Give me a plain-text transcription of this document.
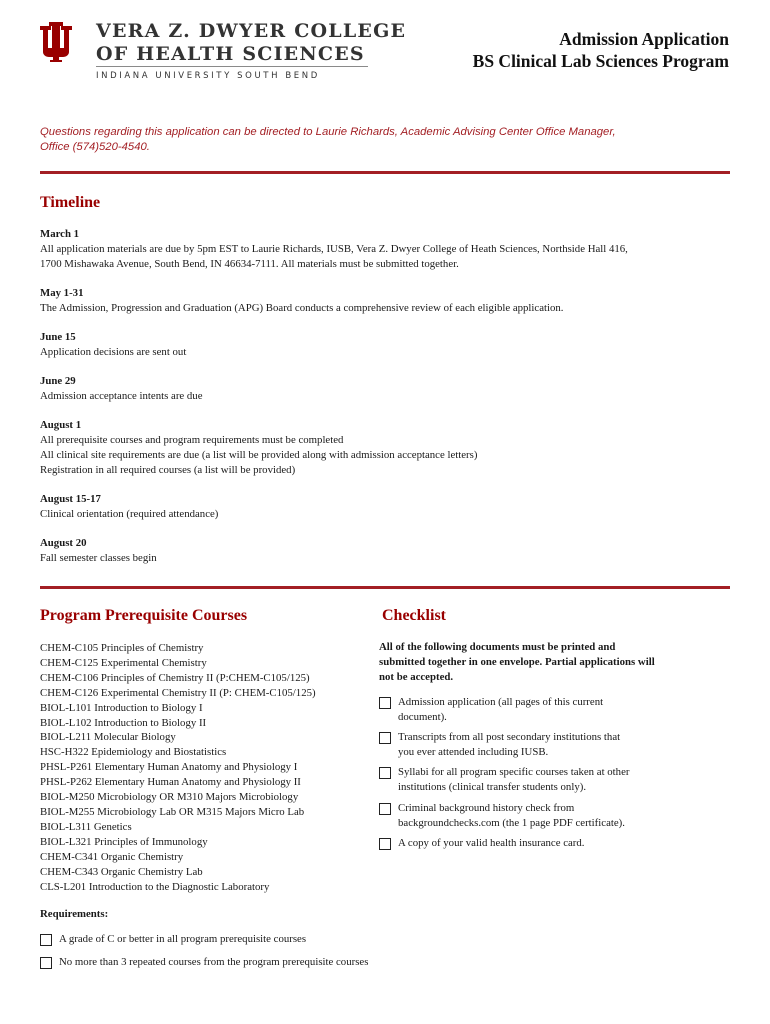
VERA Z. DWYER COLLEGE
OF HEALTH SCIENCES
INDIANA UNIVERSITY SOUTH BEND
Admission Application
BS Clinical Lab Sciences Program
Questions regarding this application can be directed to Laurie Richards, Academic Advising Center Office Manager,
Office (574)520-4540.
Timeline
March 1
All application materials are due by 5pm EST to Laurie Richards, IUSB, Vera Z. Dwyer College of Heath Sciences, Northside Hall 416,
1700 Mishawaka Avenue, South Bend, IN 46634-7111. All materials must be submitted together.
May 1-31
The Admission, Progression and Graduation (APG) Board conducts a comprehensive review of each eligible application.
June 15
Application decisions are sent out
June 29
Admission acceptance intents are due
August 1
All prerequisite courses and program requirements must be completed
All clinical site requirements are due (a list will be provided along with admission acceptance letters)
Registration in all required courses (a list will be provided)
August 15-17
Clinical orientation (required attendance)
August 20
Fall semester classes begin
Program Prerequisite Courses
CHEM-C105 Principles of Chemistry
CHEM-C125 Experimental Chemistry
CHEM-C106 Principles of Chemistry II (P:CHEM-C105/125)
CHEM-C126 Experimental Chemistry II (P: CHEM-C105/125)
BIOL-L101 Introduction to Biology I
BIOL-L102 Introduction to Biology II
BIOL-L211 Molecular Biology
HSC-H322 Epidemiology and Biostatistics
PHSL-P261 Elementary Human Anatomy and Physiology I
PHSL-P262 Elementary Human Anatomy and Physiology II
BIOL-M250 Microbiology OR M310 Majors Microbiology
BIOL-M255 Microbiology Lab OR M315 Majors Micro Lab
BIOL-L311 Genetics
BIOL-L321 Principles of Immunology
CHEM-C341 Organic Chemistry
CHEM-C343 Organic Chemistry Lab
CLS-L201 Introduction to the Diagnostic Laboratory
Requirements:
A grade of C or better in all program prerequisite courses
No more than 3 repeated courses from the program prerequisite courses
Checklist
All of the following documents must be printed and
submitted together in one envelope. Partial applications will
not be accepted.
Admission application (all pages of this current
document).
Transcripts from all post secondary institutions that
you ever attended including IUSB.
Syllabi for all program specific courses taken at other
institutions (clinical transfer students only).
Criminal background history check from
backgroundchecks.com (the 1 page PDF certificate).
A copy of your valid health insurance card.
